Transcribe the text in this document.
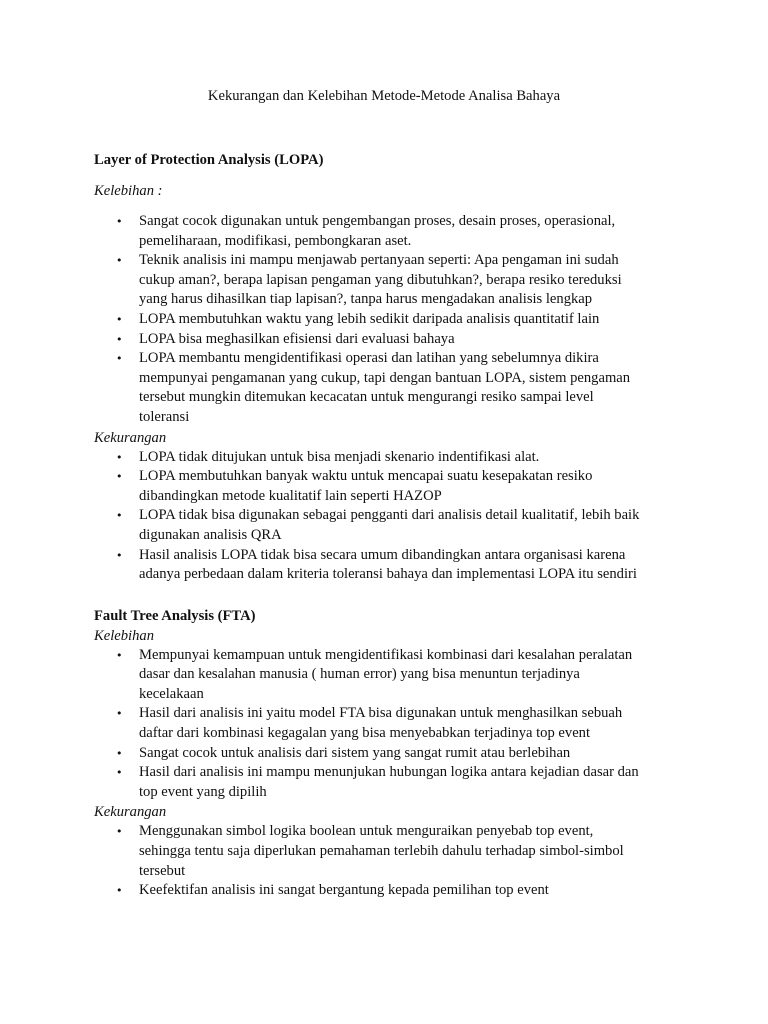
Kekurangan dan Kelebihan Metode-Metode Analisa Bahaya

Layer of Protection Analysis (LOPA)

Kelebihan :

• Sangat cocok digunakan untuk pengembangan proses, desain proses, operasional,
pemeliharaan, modifikasi, pembongkaran aset.
• Teknik analisis ini mampu menjawab pertanyaan seperti: Apa pengaman ini sudah
cukup aman?, berapa lapisan pengaman yang dibutuhkan?, berapa resiko tereduksi
yang harus dihasilkan tiap lapisan?, tanpa harus mengadakan analisis lengkap
• LOPA membutuhkan waktu yang lebih sedikit daripada analisis quantitatif lain
• LOPA bisa meghasilkan efisiensi dari evaluasi bahaya
• LOPA membantu mengidentifikasi operasi dan latihan yang sebelumnya dikira
mempunyai pengamanan yang cukup, tapi dengan bantuan LOPA, sistem pengaman
tersebut mungkin ditemukan kecacatan untuk mengurangi resiko sampai level
toleransi

Kekurangan

• LOPA tidak ditujukan untuk bisa menjadi skenario indentifikasi alat.
• LOPA membutuhkan banyak waktu untuk mencapai suatu kesepakatan resiko
dibandingkan metode kualitatif lain seperti HAZOP
• LOPA tidak bisa digunakan sebagai pengganti dari analisis detail kualitatif, lebih baik
digunakan analisis QRA
• Hasil analisis LOPA tidak bisa secara umum dibandingkan antara organisasi karena
adanya perbedaan dalam kriteria toleransi bahaya dan implementasi LOPA itu sendiri

Fault Tree Analysis (FTA)

Kelebihan

• Mempunyai kemampuan untuk mengidentifikasi kombinasi dari kesalahan peralatan
dasar dan kesalahan manusia ( human error) yang bisa menuntun terjadinya
kecelakaan
• Hasil dari analisis ini yaitu model FTA bisa digunakan untuk menghasilkan sebuah
daftar dari kombinasi kegagalan yang bisa menyebabkan terjadinya top event
• Sangat cocok untuk analisis dari sistem yang sangat rumit atau berlebihan
• Hasil dari analisis ini mampu menunjukan hubungan logika antara kejadian dasar dan
top event yang dipilih

Kekurangan

• Menggunakan simbol logika boolean untuk menguraikan penyebab top event,
sehingga tentu saja diperlukan pemahaman terlebih dahulu terhadap simbol-simbol
tersebut
• Keefektifan analisis ini sangat bergantung kepada pemilihan top event
